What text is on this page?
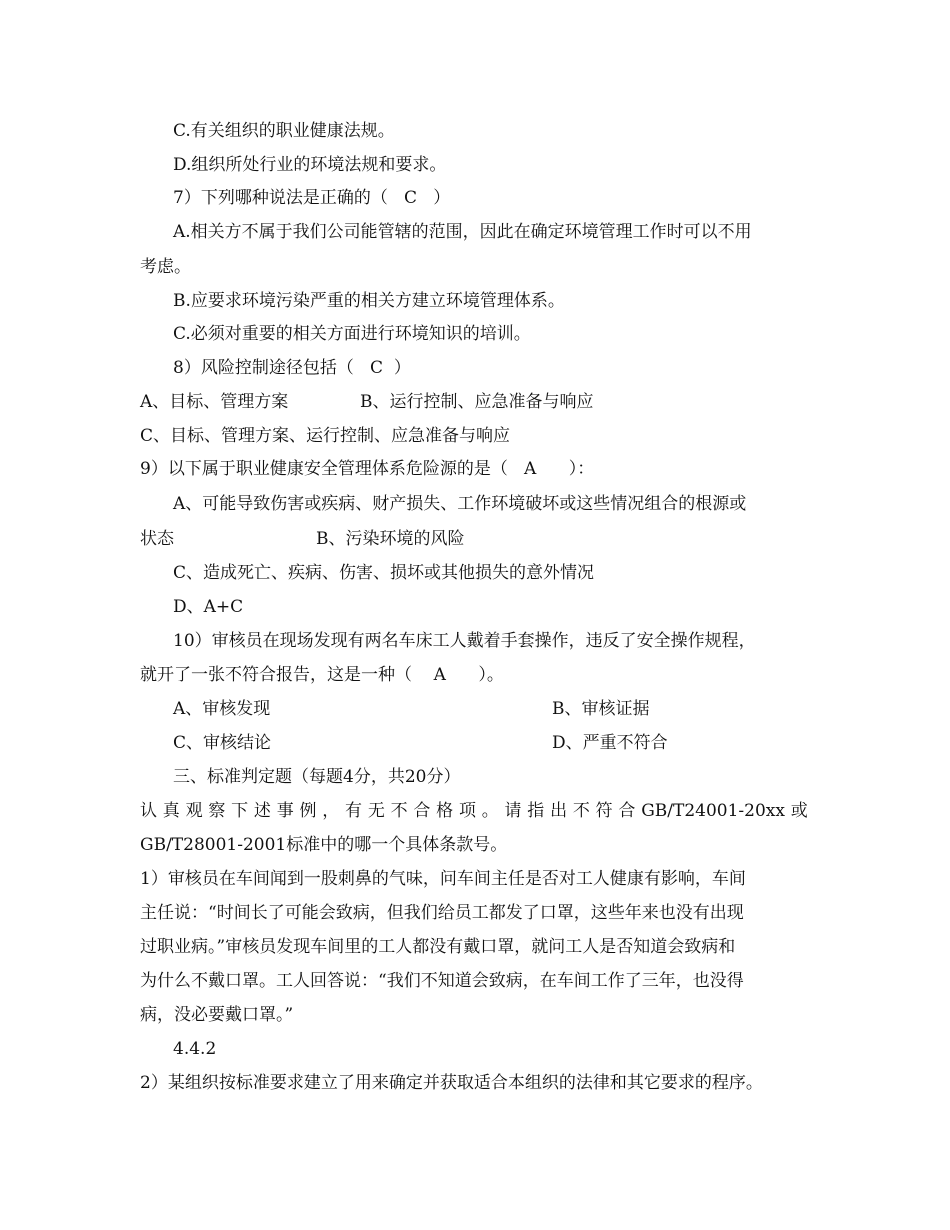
C.有关组织的职业健康法规。
D.组织所处行业的环境法规和要求。
7）下列哪种说法是正确的（   C   ）
A.相关方不属于我们公司能管辖的范围，因此在确定环境管理工作时可以不用
考虑。
B.应要求环境污染严重的相关方建立环境管理体系。
C.必须对重要的相关方面进行环境知识的培训。
8）风险控制途径包括（   C  ）
A、目标、管理方案	B、运行控制、应急准备与响应
C、目标、管理方案、运行控制、应急准备与响应
9）以下属于职业健康安全管理体系危险源的是（   A      ）：
A、可能导致伤害或疾病、财产损失、工作环境破坏或这些情况组合的根源或
状态	B、污染环境的风险
C、造成死亡、疾病、伤害、损坏或其他损失的意外情况
D、A+C
10）审核员在现场发现有两名车床工人戴着手套操作，违反了安全操作规程，
就开了一张不符合报告，这是一种（    A      ）。
A、审核发现	B、审核证据
C、审核结论	D、严重不符合
三、标准判定题（每题4分，共20分）
认 真 观 察 下 述 事 例 ， 有 无 不 合 格 项 。 请 指 出 不 符 合 GB/T24001-20xx 或
GB/T28001-2001标准中的哪一个具体条款号。
1）审核员在车间闻到一股刺鼻的气味，问车间主任是否对工人健康有影响，车间
主任说：“时间长了可能会致病，但我们给员工都发了口罩，这些年来也没有出现
过职业病。”审核员发现车间里的工人都没有戴口罩，就问工人是否知道会致病和
为什么不戴口罩。工人回答说：“我们不知道会致病，在车间工作了三年，也没得
病，没必要戴口罩。”
4.4.2
2）某组织按标准要求建立了用来确定并获取适合本组织的法律和其它要求的程序。
